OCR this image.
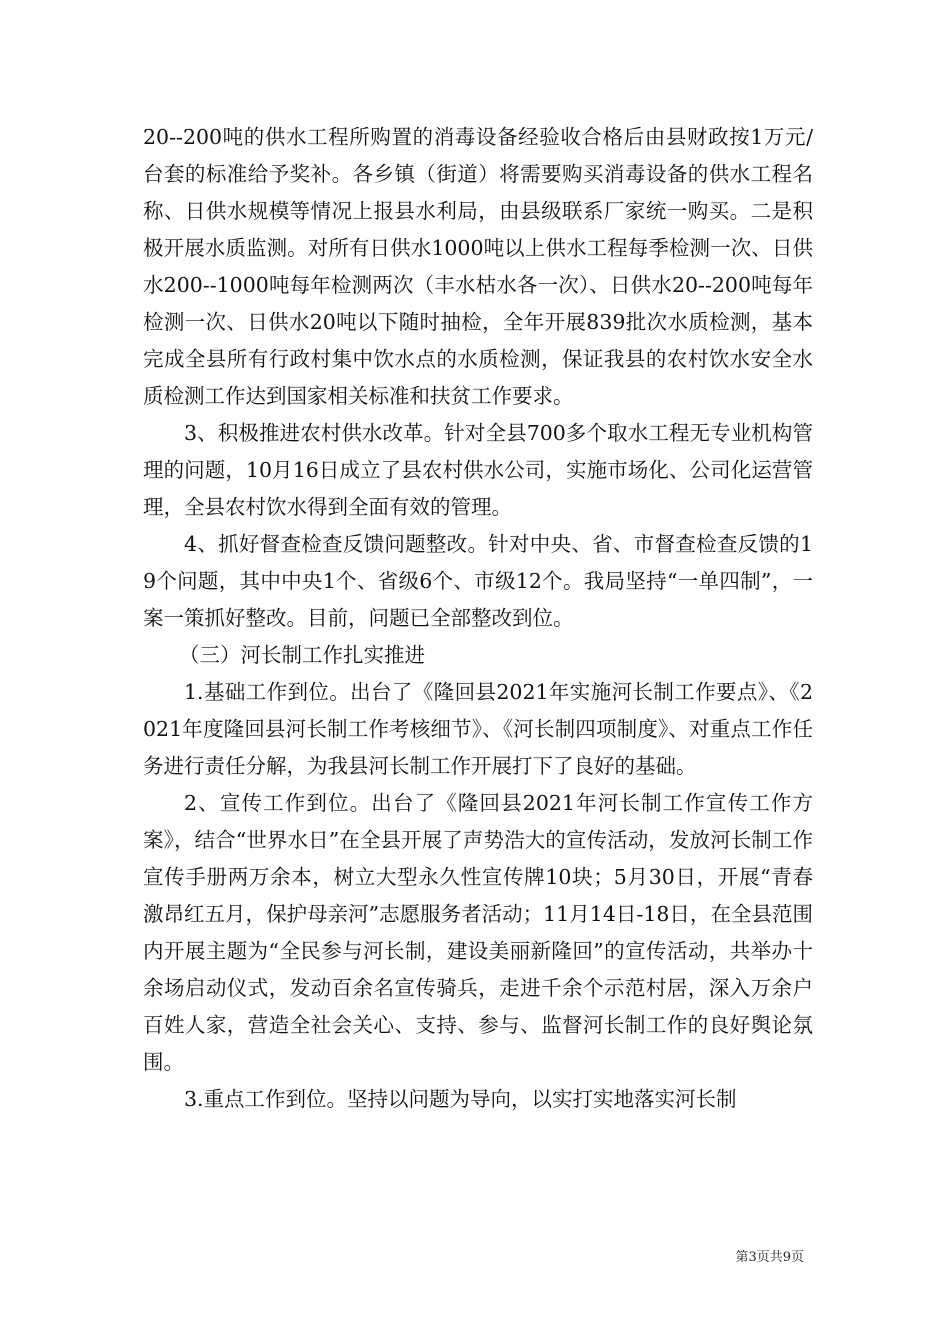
20--200吨的供水工程所购置的消毒设备经验收合格后由县财政按1万元/台套的标准给予奖补。各乡镇（街道）将需要购买消毒设备的供水工程名称、日供水规模等情况上报县水利局，由县级联系厂家统一购买。二是积极开展水质监测。对所有日供水1000吨以上供水工程每季检测一次、日供水200--1000吨每年检测两次（丰水枯水各一次）、日供水20--200吨每年检测一次、日供水20吨以下随时抽检，全年开展839批次水质检测，基本完成全县所有行政村集中饮水点的水质检测，保证我县的农村饮水安全水质检测工作达到国家相关标准和扶贫工作要求。

3、积极推进农村供水改革。针对全县700多个取水工程无专业机构管理的问题，10月16日成立了县农村供水公司，实施市场化、公司化运营管理，全县农村饮水得到全面有效的管理。

4、抓好督查检查反馈问题整改。针对中央、省、市督查检查反馈的19个问题，其中中央1个、省级6个、市级12个。我局坚持“一单四制”，一案一策抓好整改。目前，问题已全部整改到位。

（三）河长制工作扎实推进

1.基础工作到位。出台了《隆回县2021年实施河长制工作要点》、《2021年度隆回县河长制工作考核细节》、《河长制四项制度》、对重点工作任务进行责任分解，为我县河长制工作开展打下了良好的基础。

2、宣传工作到位。出台了《隆回县2021年河长制工作宣传工作方案》，结合“世界水日”在全县开展了声势浩大的宣传活动，发放河长制工作宣传手册两万余本，树立大型永久性宣传牌10块；5月30日，开展“青春激昂红五月，保护母亲河”志愿服务者活动；11月14日-18日，在全县范围内开展主题为“全民参与河长制，建设美丽新隆回”的宣传活动，共举办十余场启动仪式，发动百余名宣传骑兵，走进千余个示范村居，深入万余户百姓人家，营造全社会关心、支持、参与、监督河长制工作的良好舆论氛围。

3.重点工作到位。坚持以问题为导向，以实打实地落实河长制

第3页共9页
